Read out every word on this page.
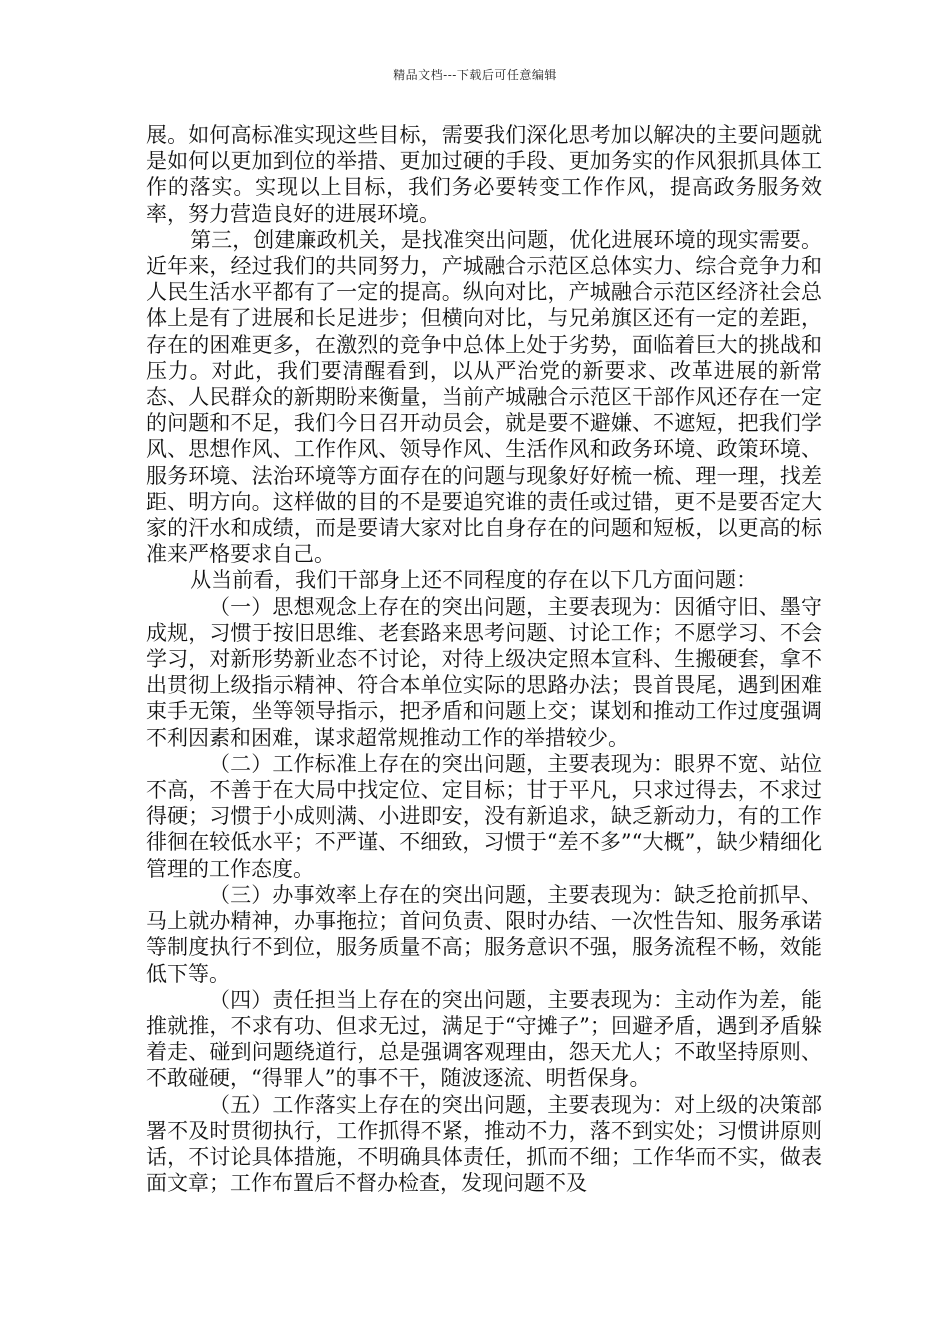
精品文档---下载后可任意编辑

展。如何高标准实现这些目标，需要我们深化思考加以解决的主要问题就是如何以更加到位的举措、更加过硬的手段、更加务实的作风狠抓具体工作的落实。实现以上目标，我们务必要转变工作作风，提高政务服务效率，努力营造良好的进展环境。

第三，创建廉政机关，是找准突出问题，优化进展环境的现实需要。近年来，经过我们的共同努力，产城融合示范区总体实力、综合竞争力和人民生活水平都有了一定的提高。纵向对比，产城融合示范区经济社会总体上是有了进展和长足进步；但横向对比，与兄弟旗区还有一定的差距，存在的困难更多，在激烈的竞争中总体上处于劣势，面临着巨大的挑战和压力。对此，我们要清醒看到，以从严治党的新要求、改革进展的新常态、人民群众的新期盼来衡量，当前产城融合示范区干部作风还存在一定的问题和不足，我们今日召开动员会，就是要不避嫌、不遮短，把我们学风、思想作风、工作作风、领导作风、生活作风和政务环境、政策环境、服务环境、法治环境等方面存在的问题与现象好好梳一梳、理一理，找差距、明方向。这样做的目的不是要追究谁的责任或过错，更不是要否定大家的汗水和成绩，而是要请大家对比自身存在的问题和短板，以更高的标准来严格要求自己。

从当前看，我们干部身上还不同程度的存在以下几方面问题：

（一）思想观念上存在的突出问题，主要表现为：因循守旧、墨守成规，习惯于按旧思维、老套路来思考问题、讨论工作；不愿学习、不会学习，对新形势新业态不讨论，对待上级决定照本宣科、生搬硬套，拿不出贯彻上级指示精神、符合本单位实际的思路办法；畏首畏尾，遇到困难束手无策，坐等领导指示，把矛盾和问题上交；谋划和推动工作过度强调不利因素和困难，谋求超常规推动工作的举措较少。

（二）工作标准上存在的突出问题，主要表现为：眼界不宽、站位不高，不善于在大局中找定位、定目标；甘于平凡，只求过得去，不求过得硬；习惯于小成则满、小进即安，没有新追求，缺乏新动力，有的工作徘徊在较低水平；不严谨、不细致，习惯于“差不多”“大概”，缺少精细化管理的工作态度。

（三）办事效率上存在的突出问题，主要表现为：缺乏抢前抓早、马上就办精神，办事拖拉；首问负责、限时办结、一次性告知、服务承诺等制度执行不到位，服务质量不高；服务意识不强，服务流程不畅，效能低下等。

（四）责任担当上存在的突出问题，主要表现为：主动作为差，能推就推，不求有功、但求无过，满足于“守摊子”；回避矛盾，遇到矛盾躲着走、碰到问题绕道行，总是强调客观理由，怨天尤人；不敢坚持原则、不敢碰硬，“得罪人”的事不干，随波逐流、明哲保身。

（五）工作落实上存在的突出问题，主要表现为：对上级的决策部署不及时贯彻执行，工作抓得不紧，推动不力，落不到实处；习惯讲原则话，不讨论具体措施，不明确具体责任，抓而不细；工作华而不实，做表面文章；工作布置后不督办检查，发现问题不及
